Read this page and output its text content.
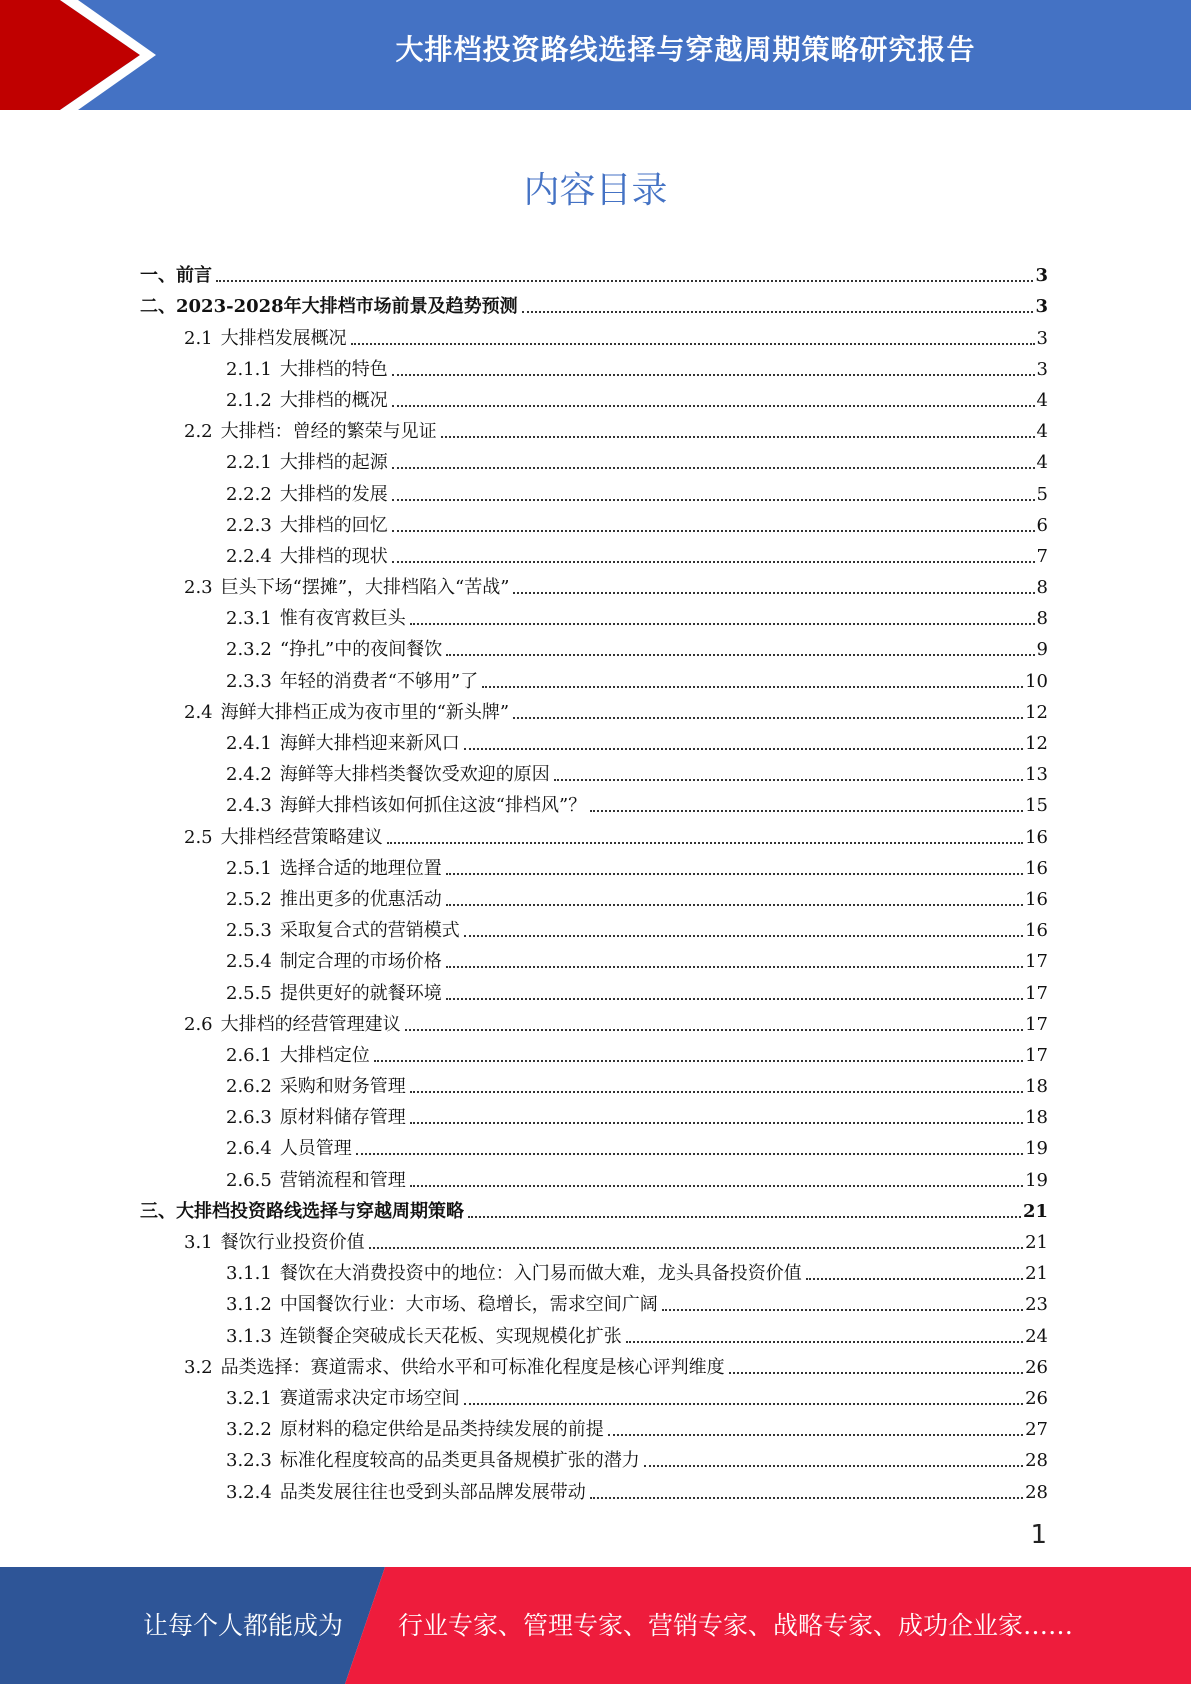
大排档投资路线选择与穿越周期策略研究报告
内容目录
一、前言	3
二、2023-2028年大排档市场前景及趋势预测	3
2.1 大排档发展概况	3
2.1.1 大排档的特色	3
2.1.2 大排档的概况	4
2.2 大排档：曾经的繁荣与见证	4
2.2.1 大排档的起源	4
2.2.2 大排档的发展	5
2.2.3 大排档的回忆	6
2.2.4 大排档的现状	7
2.3 巨头下场“摆摊”，大排档陷入“苦战”	8
2.3.1 惟有夜宵救巨头	8
2.3.2 “挣扎”中的夜间餐饮	9
2.3.3 年轻的消费者“不够用”了	10
2.4 海鲜大排档正成为夜市里的“新头牌”	12
2.4.1 海鲜大排档迎来新风口	12
2.4.2 海鲜等大排档类餐饮受欢迎的原因	13
2.4.3 海鲜大排档该如何抓住这波“排档风”？	15
2.5 大排档经营策略建议	16
2.5.1 选择合适的地理位置	16
2.5.2 推出更多的优惠活动	16
2.5.3 采取复合式的营销模式	16
2.5.4 制定合理的市场价格	17
2.5.5 提供更好的就餐环境	17
2.6 大排档的经营管理建议	17
2.6.1 大排档定位	17
2.6.2 采购和财务管理	18
2.6.3 原材料储存管理	18
2.6.4 人员管理	19
2.6.5 营销流程和管理	19
三、大排档投资路线选择与穿越周期策略	21
3.1 餐饮行业投资价值	21
3.1.1 餐饮在大消费投资中的地位：入门易而做大难，龙头具备投资价值	21
3.1.2 中国餐饮行业：大市场、稳增长，需求空间广阔	23
3.1.3 连锁餐企突破成长天花板、实现规模化扩张	24
3.2 品类选择：赛道需求、供给水平和可标准化程度是核心评判维度	26
3.2.1 赛道需求决定市场空间	26
3.2.2 原材料的稳定供给是品类持续发展的前提	27
3.2.3 标准化程度较高的品类更具备规模扩张的潜力	28
3.2.4 品类发展往往也受到头部品牌发展带动	28
1
让每个人都能成为 行业专家、管理专家、营销专家、战略专家、成功企业家……
